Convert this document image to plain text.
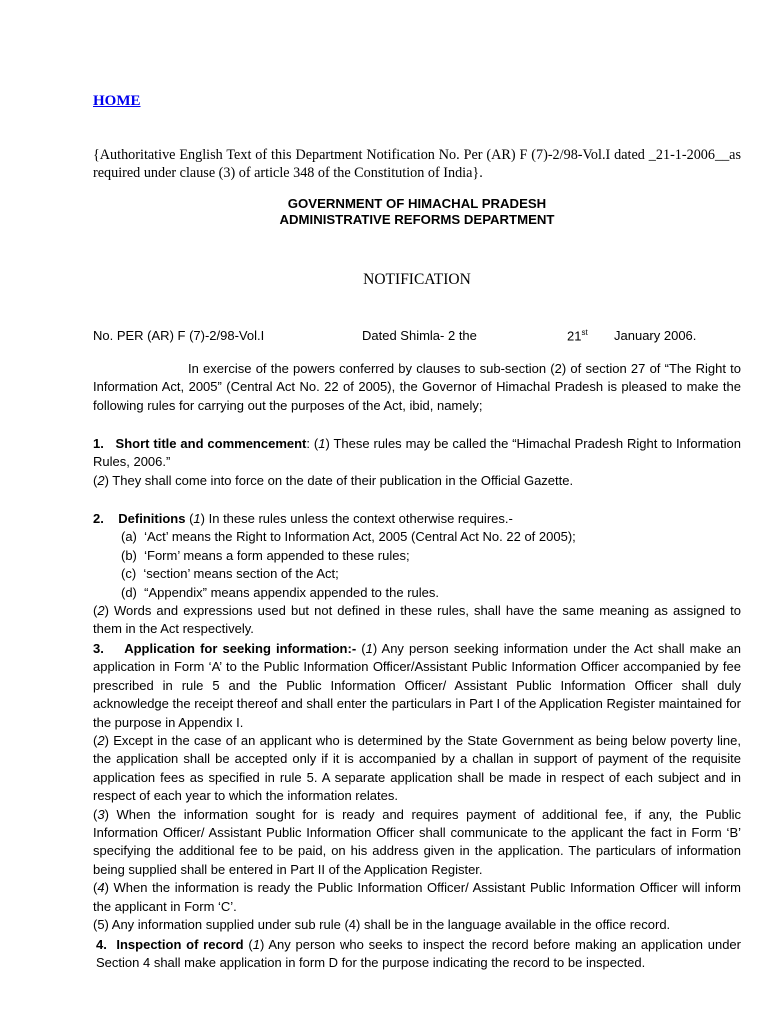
HOME

{Authoritative English Text of this Department Notification No. Per (AR) F (7)-2/98-Vol.I dated _21-1-2006__as required under clause (3) of article 348 of the Constitution of India}.

GOVERNMENT OF HIMACHAL PRADESH
ADMINISTRATIVE REFORMS DEPARTMENT
NOTIFICATION
No. PER (AR) F (7)-2/98-Vol.I	Dated Shimla- 2 the	21st January 2006.

In exercise of the powers conferred by clauses to sub-section (2) of section 27 of “The Right to Information Act, 2005” (Central Act No. 22 of 2005), the Governor of Himachal Pradesh is pleased to make the following rules for carrying out the purposes of the Act, ibid, namely;

1. Short title and commencement: (1) These rules may be called the “Himachal Pradesh Right to Information Rules, 2006.”

(2) They shall come into force on the date of their publication in the Official Gazette.

2. Definitions (1) In these rules unless the context otherwise requires.-

(a) ‘Act’ means the Right to Information Act, 2005 (Central Act No. 22 of 2005);

(b) ‘Form’ means a form appended to these rules;

(c) ‘section’ means section of the Act;

(d) “Appendix” means appendix appended to the rules.

(2) Words and expressions used but not defined in these rules, shall have the same meaning as assigned to them in the Act respectively.

3. Application for seeking information:- (1) Any person seeking information under the Act shall make an application in Form ‘A’ to the Public Information Officer/Assistant Public Information Officer accompanied by fee prescribed in rule 5 and the Public Information Officer/ Assistant Public Information Officer shall duly acknowledge the receipt thereof and shall enter the particulars in Part I of the Application Register maintained for the purpose in Appendix I.

(2) Except in the case of an applicant who is determined by the State Government as being below poverty line, the application shall be accepted only if it is accompanied by a challan in support of payment of the requisite application fees as specified in rule 5. A separate application shall be made in respect of each subject and in respect of each year to which the information relates.

(3) When the information sought for is ready and requires payment of additional fee, if any, the Public Information Officer/ Assistant Public Information Officer shall communicate to the applicant the fact in Form ‘B’ specifying the additional fee to be paid, on his address given in the application. The particulars of information being supplied shall be entered in Part II of the Application Register.

(4) When the information is ready the Public Information Officer/ Assistant Public Information Officer will inform the applicant in Form ‘C’.

(5) Any information supplied under sub rule (4) shall be in the language available in the office record.

4. Inspection of record (1) Any person who seeks to inspect the record before making an application under Section 4 shall make application in form D for the purpose indicating the record to be inspected.
